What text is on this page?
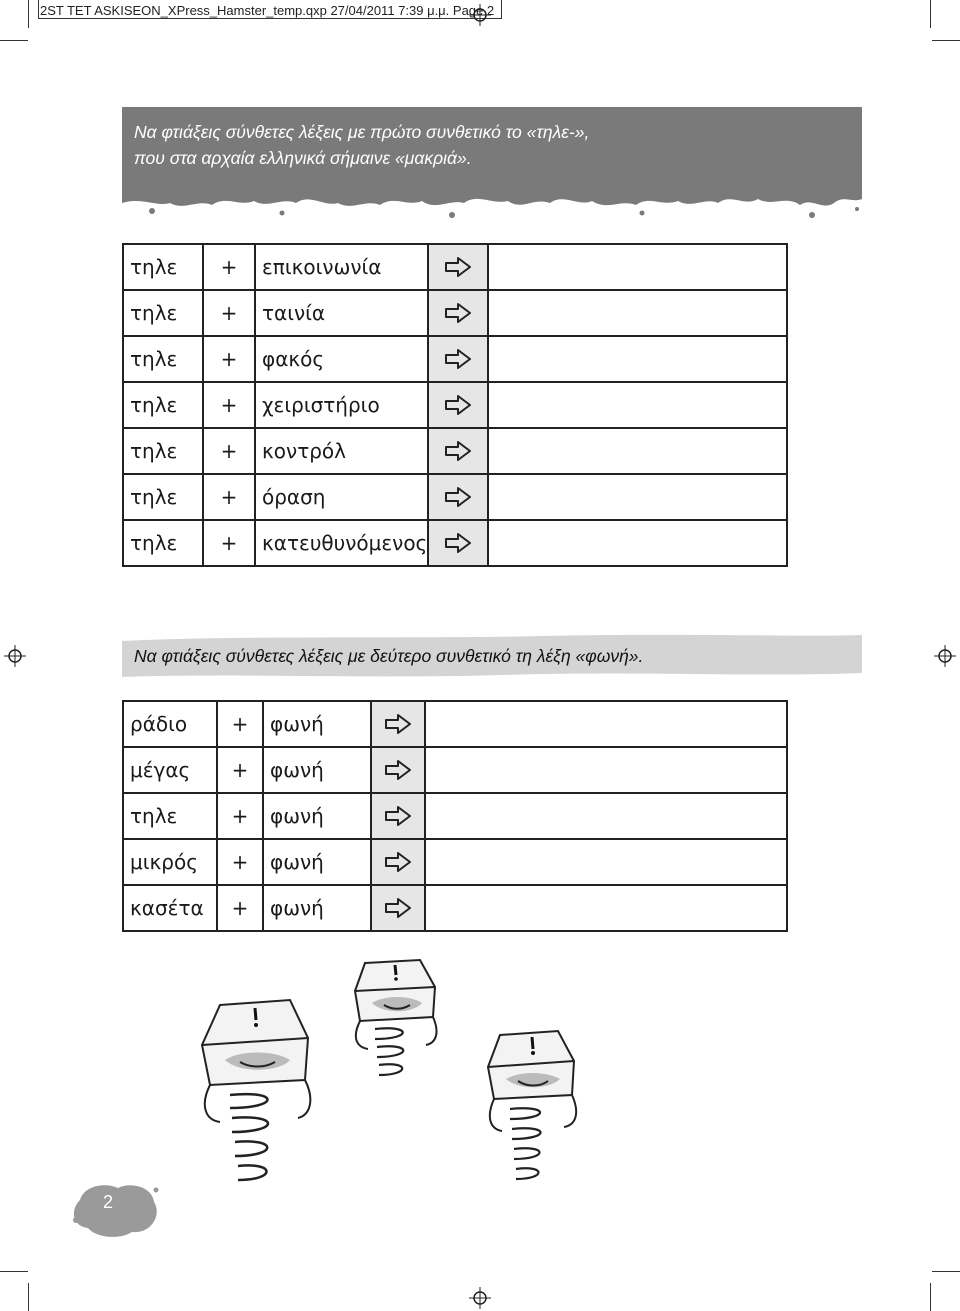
2ST TET ASKISEON_XPress_Hamster_temp.qxp 27/04/2011 7:39 μ.μ. Page 2
Να φτιάξεις σύνθετες λέξεις με πρώτο συνθετικό το «τηλε-»,
που στα αρχαία ελληνικά σήμαινε «μακριά».
τηλε	+	επικοινωνία	

τηλε	+	ταινία	

τηλε	+	φακός	

τηλε	+	χειριστήριο	

τηλε	+	κοντρόλ	

τηλε	+	όραση	

τηλε	+	κατευθυνόμενος	

Να φτιάξεις σύνθετες λέξεις με δεύτερο συνθετικό τη λέξη «φωνή».
ράδιο	+	φωνή	

μέγας	+	φωνή	

τηλε	+	φωνή	

μικρός	+	φωνή	

κασέτα	+	φωνή	

2
